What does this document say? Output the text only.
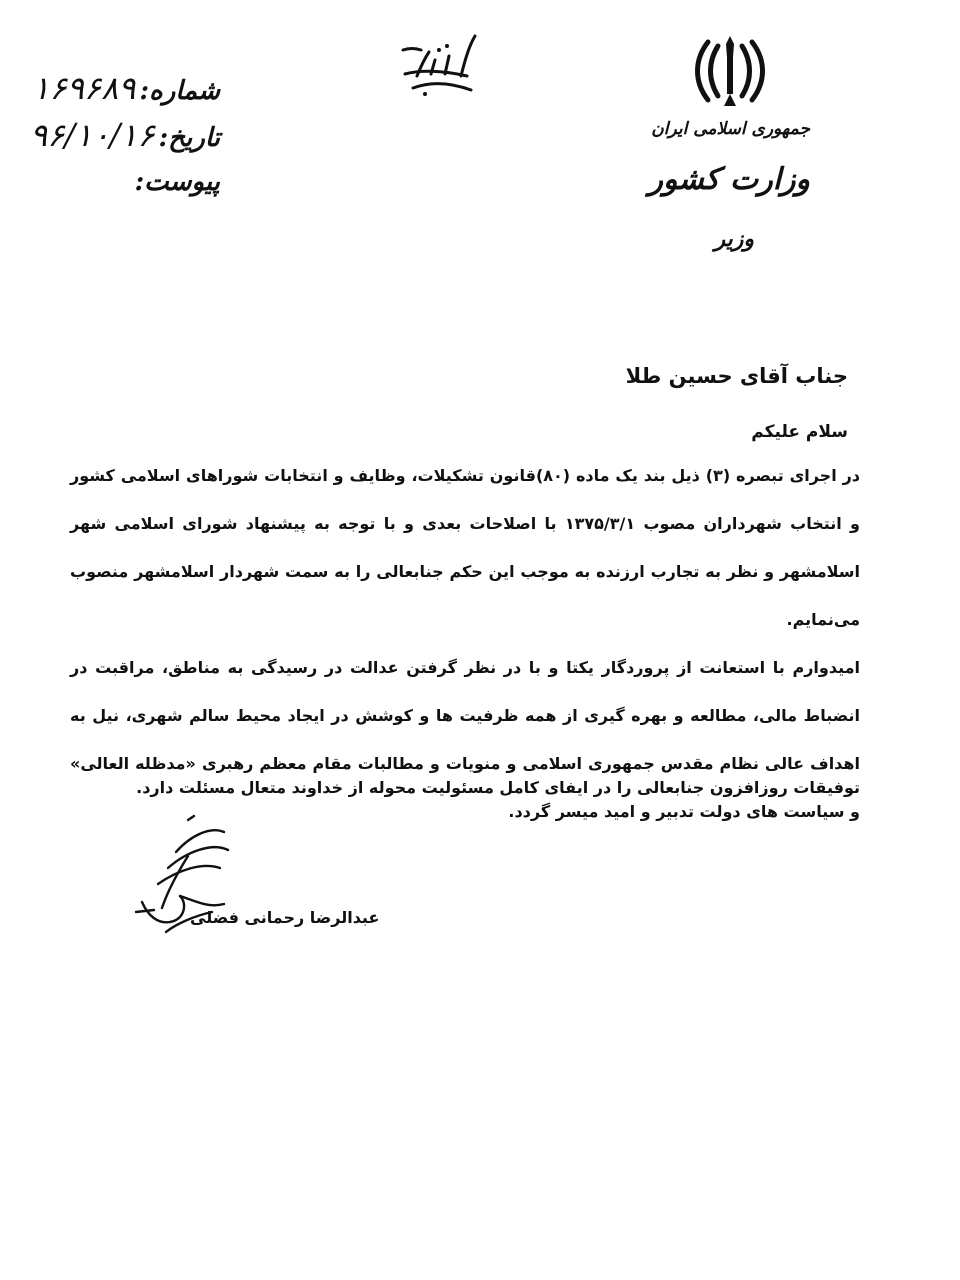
جمهوری اسلامی ایران
وزارت کشور
وزیر
شماره:
۱۶۹۶۸۹
تاریخ:
۹۶/۱۰/۱۶
پیوست:
جناب آقای حسین طلا
سلام علیکم

در اجرای تبصره (۳) ذیل بند یک ماده (۸۰)قانون تشکیلات، وظایف و انتخابات شوراهای اسلامی کشور و انتخاب شهرداران مصوب ۱۳۷۵/۳/۱ با اصلاحات بعدی و با توجه به پیشنهاد شورای اسلامی شهر اسلامشهر و نظر به تجارب ارزنده به موجب این حکم جنابعالی را به سمت شهردار اسلامشهر منصوب می‌نمایم.

امیدوارم با استعانت از پروردگار یکتا و با در نظر گرفتن عدالت در رسیدگی به مناطق، مراقبت در انضباط مالی، مطالعه و بهره گیری از همه ظرفیت ها و کوشش در ایجاد محیط سالم شهری، نیل به اهداف عالی نظام مقدس جمهوری اسلامی و منویات و مطالبات مقام معظم رهبری «مدظله العالی» و سیاست های دولت تدبیر و امید میسر گردد.

توفیقات روزافزون جنابعالی را در ایفای کامل مسئولیت محوله از خداوند متعال مسئلت دارد.
عبدالرضا رحمانی فضلی
